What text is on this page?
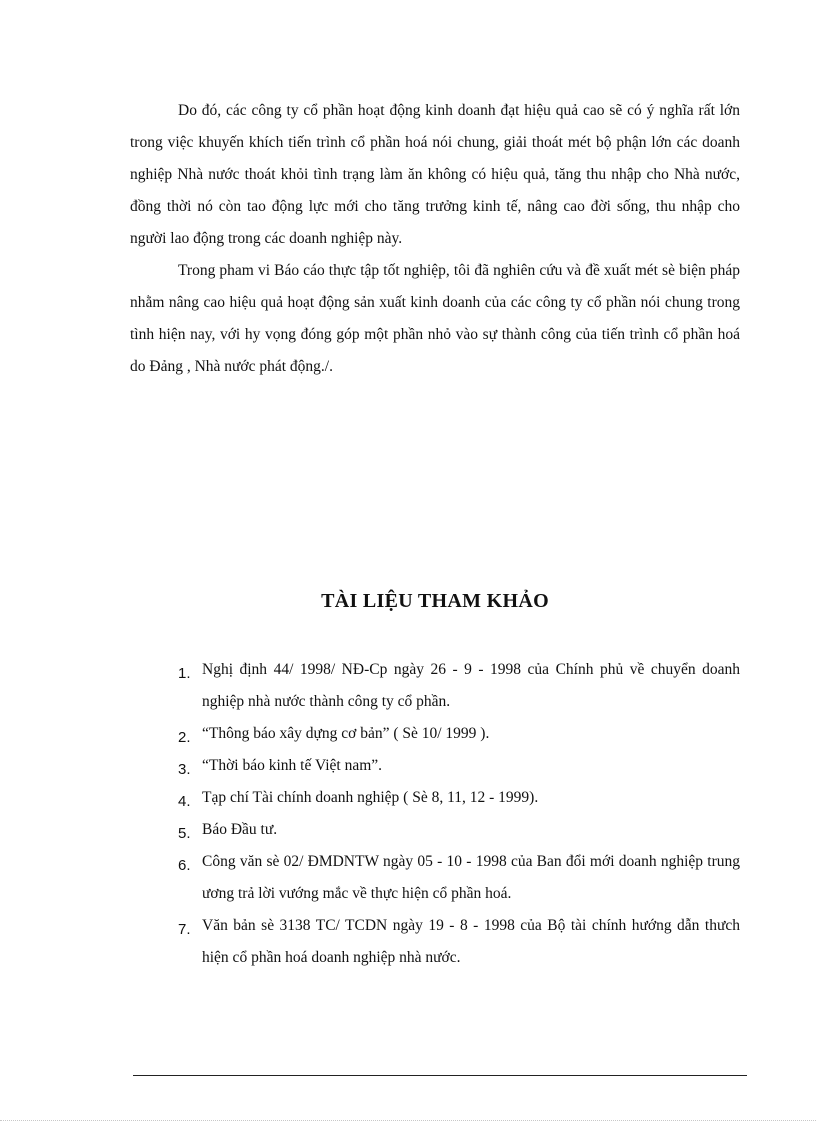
Do đó, các công ty cổ phần hoạt động kinh doanh đạt hiệu quả cao sẽ có ý nghĩa rất lớn trong việc khuyến khích tiến trình cổ phần hoá nói chung, giải thoát mét bộ phận lớn các doanh nghiệp Nhà nước thoát khỏi tình trạng làm ăn không có hiệu quả, tăng thu nhập cho Nhà nước, đồng thời nó còn tao động lực mới cho tăng trưởng kinh tế, nâng cao đời sống, thu nhập cho người lao động trong các doanh nghiệp này.

Trong pham vi Báo cáo thực tập tốt nghiệp, tôi đã nghiên cứu và đề xuất mét sè biện pháp nhằm nâng cao hiệu quả hoạt động sản xuất kinh doanh của các công ty cổ phần nói chung trong tình hiện nay, với hy vọng đóng góp một phần nhỏ vào sự thành công của tiến trình cổ phần hoá do Đảng , Nhà nước phát động./.

TÀI LIỆU THAM KHẢO
1. Nghị định 44/ 1998/ NĐ-Cp ngày 26 - 9 - 1998 của Chính phủ về chuyển doanh nghiệp nhà nước thành công ty cổ phần.
2. “Thông báo xây dựng cơ bản” ( Sè 10/ 1999 ).
3. “Thời báo kinh tế Việt nam”.
4. Tạp chí Tài chính doanh nghiệp ( Sè 8, 11, 12 - 1999).
5. Báo Đầu tư.
6. Công văn sè 02/ ĐMDNTW ngày 05 - 10 - 1998 của Ban đổi mới doanh nghiệp trung ương trả lời vướng mắc về thực hiện cổ phần hoá.
7. Văn bản sè 3138 TC/ TCDN ngày 19 - 8 - 1998 của Bộ tài chính hướng dẫn thưch hiện cổ phần hoá doanh nghiệp nhà nước.
